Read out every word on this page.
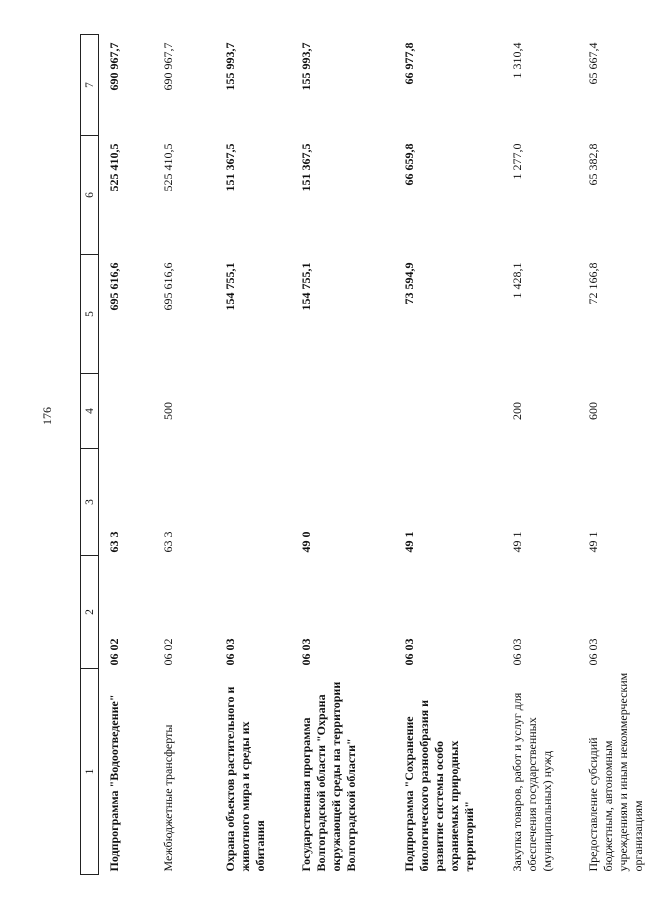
176
1	2	3	4	5	6	7
Подпрограмма "Водоотведение"	06 02	63 3		695 616,6	525 410,5	690 967,7
Межбюджетные трансферты	06 02	63 3	500	695 616,6	525 410,5	690 967,7
Охрана объектов растительного и животного мира и среды их обитания	06 03			154 755,1	151 367,5	155 993,7
Государственная программа Волгоградской области "Охрана окружающей среды на территории Волгоградской области"	06 03	49 0		154 755,1	151 367,5	155 993,7
Подпрограмма "Сохранение биологического разнообразия и развитие системы особо охраняемых природных территорий"	06 03	49 1		73 594,9	66 659,8	66 977,8
Закупка товаров, работ и услуг для обеспечения государственных (муниципальных) нужд	06 03	49 1	200	1 428,1	1 277,0	1 310,4
Предоставление субсидий бюджетным, автономным учреждениям и иным некоммерческим организациям	06 03	49 1	600	72 166,8	65 382,8	65 667,4
